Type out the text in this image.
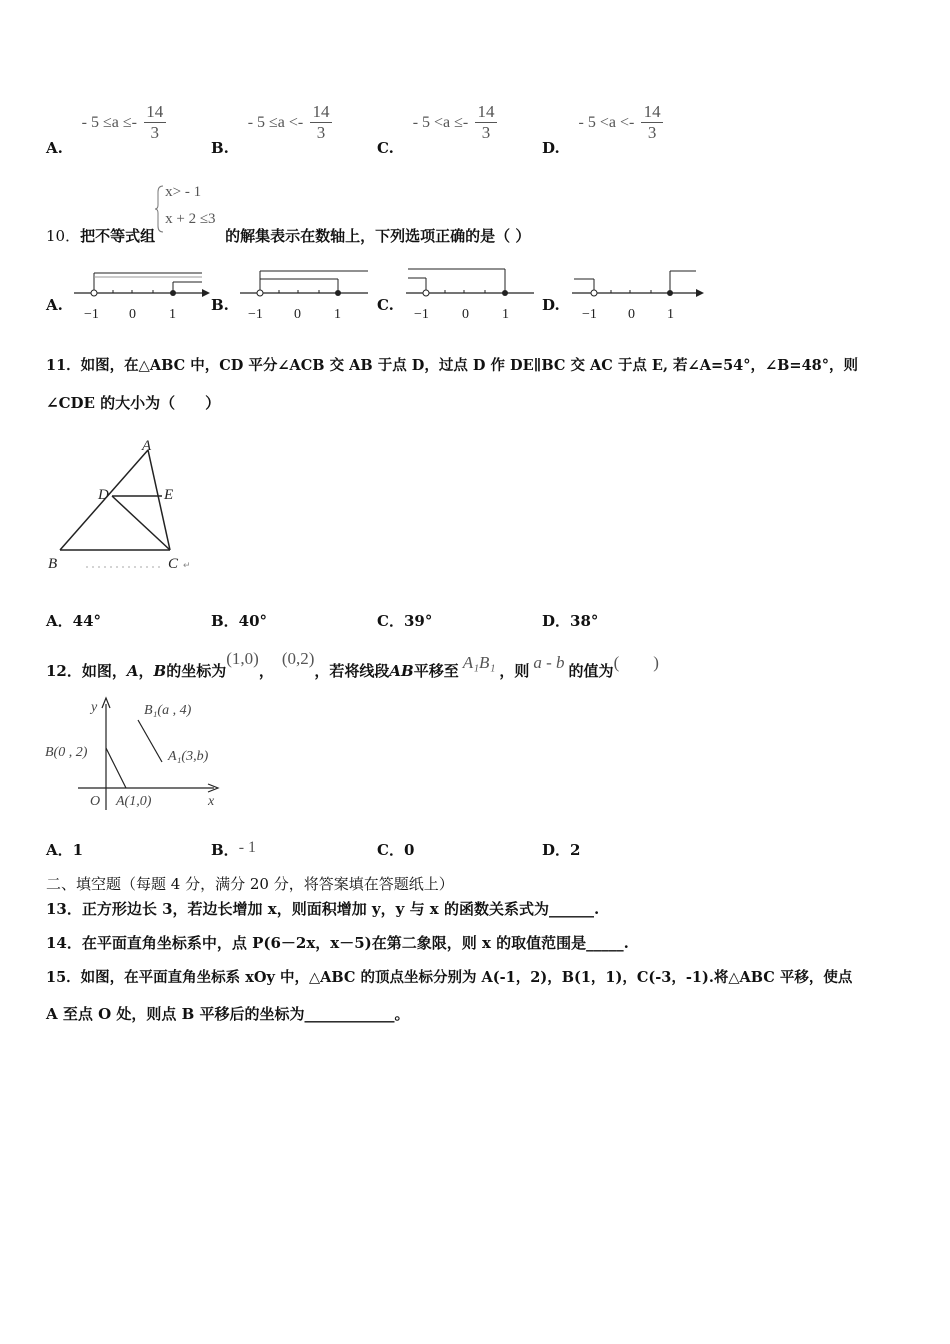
A. - $5 \le a \le- \frac{14}{3}$
B. - $5 \le a <- \frac{14}{3}$
C. - $5 <a \le- \frac{14}{3}$
D. - $5 <a <- \frac{14}{3}$
10．把不等式组
x> - 1
x + 2 ≤3
的解集表示在数轴上，下列选项正确的是（ ）
A.	B.	C.	D.
−1 0 1	−1 0 1	−1 0 1	−1 0 1
11．如图，在△ABC 中，CD 平分∠ACB 交 AB 于点 D，过点 D 作 DE∥BC 交 AC 于点 E, 若∠A=54°，∠B=48°，则
∠CDE 的大小为（　　）
A
D	E
B	C ↵
A．44°	B．40°	C．39°	D．38°
12．如图，A，B的坐标为(1,0)，(0,2)，若将线段AB平移至 A₁B₁ ，则 a - b 的值为(　　)
y
x
O
B(0 , 2)
A(1,0)
B₁(a , 4)
A₁(3,b)
A．1	B．- 1	C．0	D．2
二、填空题（每题 4 分，满分 20 分，将答案填在答题纸上）
13．正方形边长 3，若边长增加 x，则面积增加 y，y 与 x 的函数关系式为______.
14．在平面直角坐标系中，点 P(6－2x，x－5)在第二象限，则 x 的取值范围是_____.
15．如图，在平面直角坐标系 xOy 中，△ABC 的顶点坐标分别为 A(-1，2)，B(1，1)，C(-3，-1).将△ABC 平移，使点
A 至点 O 处，则点 B 平移后的坐标为____________。
